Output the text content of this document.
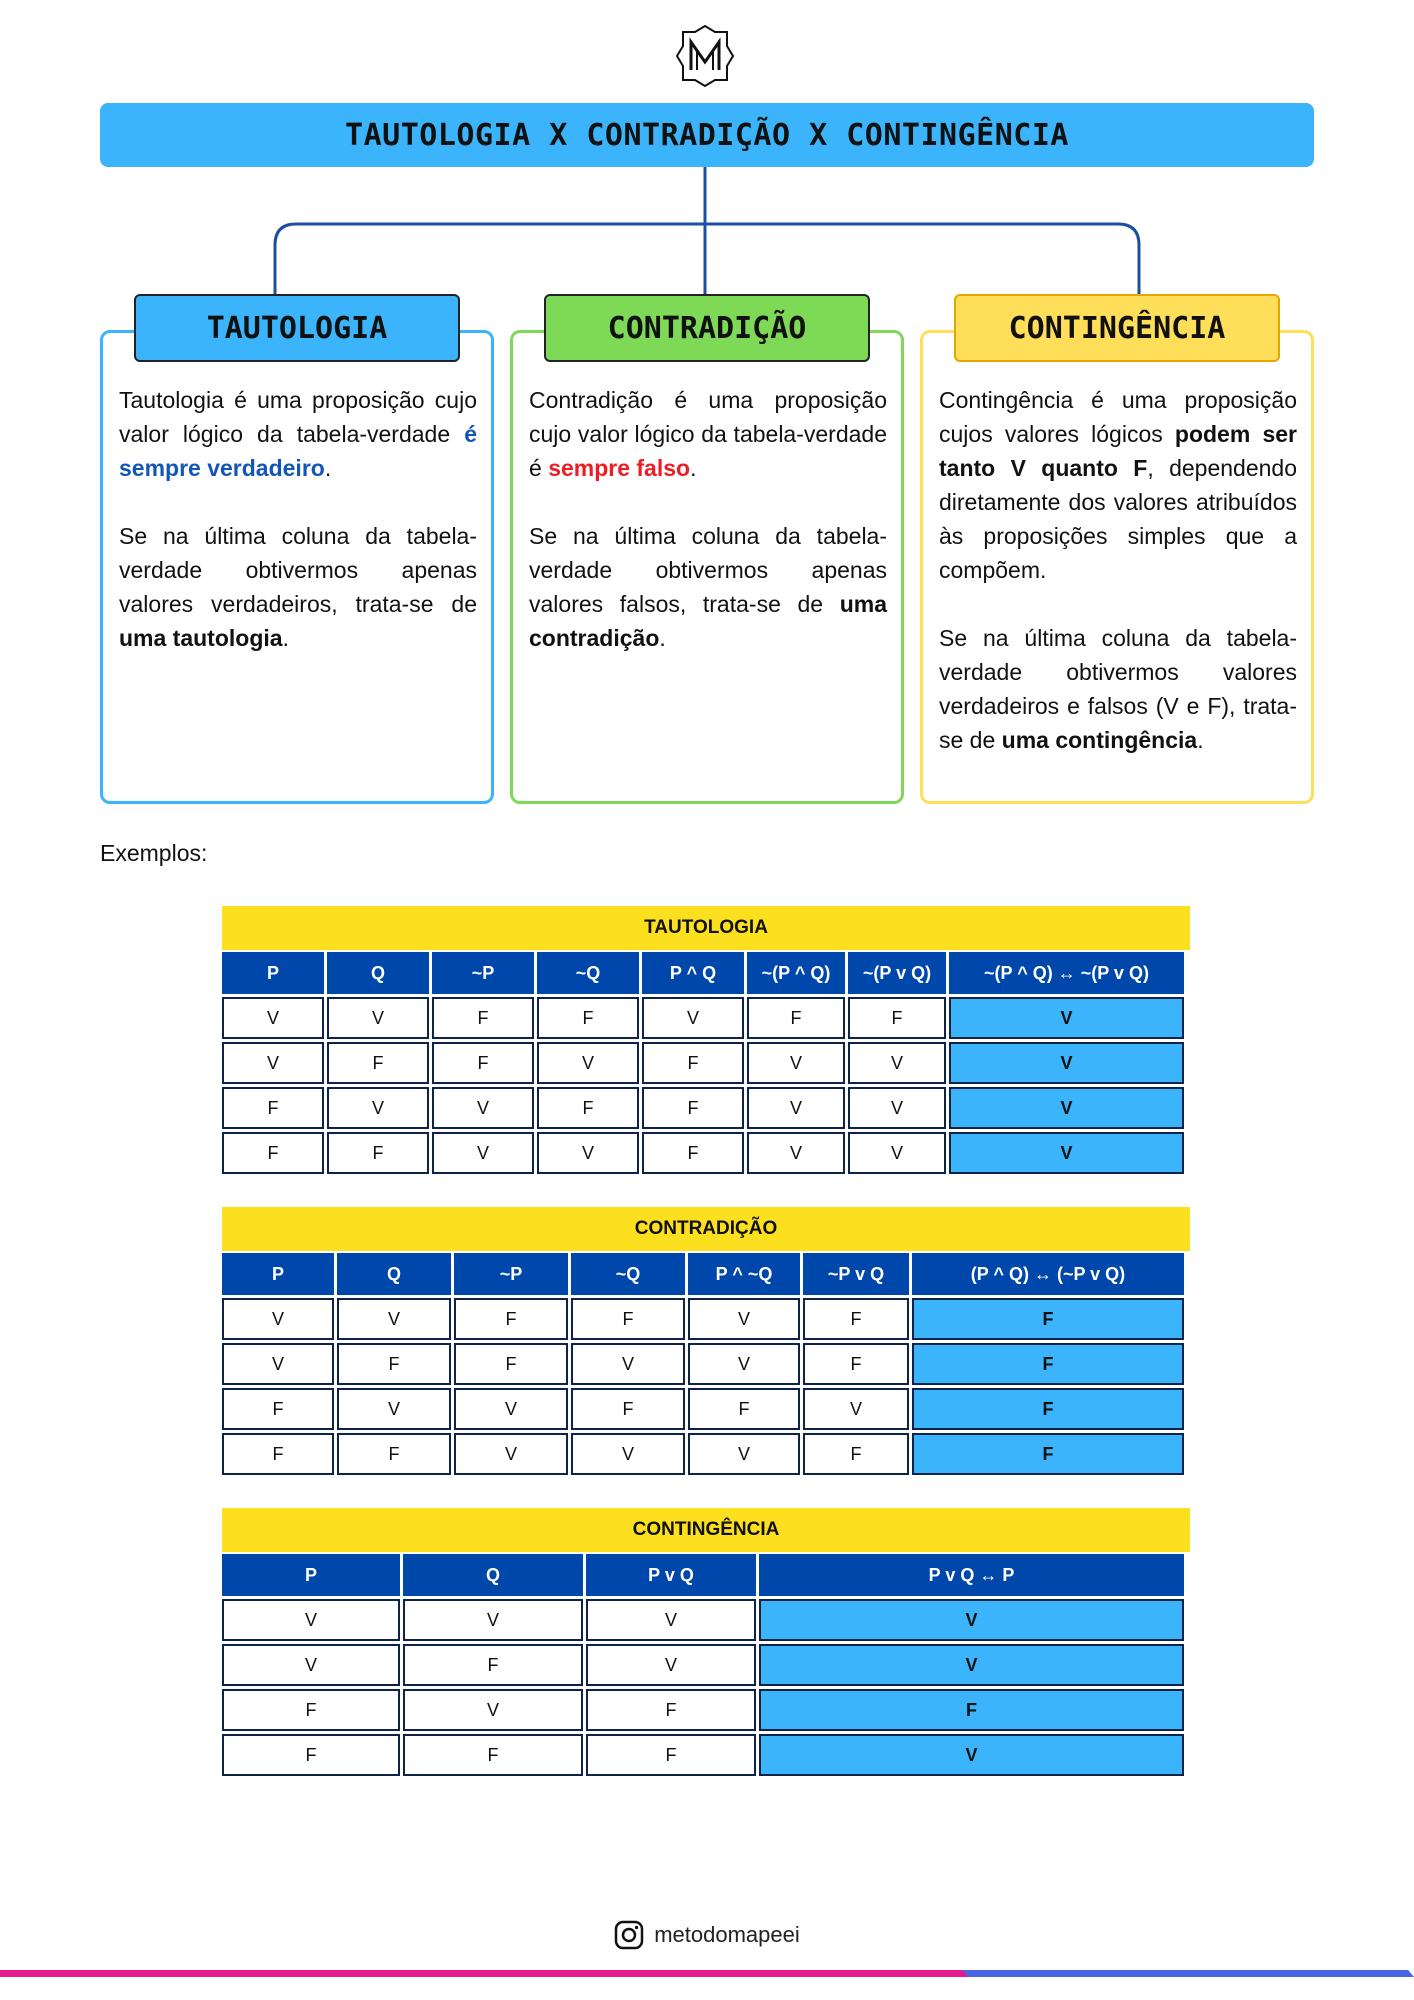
TAUTOLOGIA X CONTRADIÇÃO X CONTINGÊNCIA

Tautologia é uma proposição cujo valor lógico da tabela-verdade é sempre verdadeiro.

Se na última coluna da tabela-verdade obtivermos apenas valores verdadeiros, trata-se de uma tautologia.

TAUTOLOGIA

Contradição é uma proposição cujo valor lógico da tabela-verdade é sempre falso.

Se na última coluna da tabela-verdade obtivermos apenas valores falsos, trata-se de uma contradição.

CONTRADIÇÃO

Contingência é uma proposição cujos valores lógicos podem ser tanto V quanto F, dependendo diretamente dos valores atribuídos às proposições simples que a compõem.

Se na última coluna da tabela-verdade obtivermos valores verdadeiros e falsos (V e F), trata-se de uma contingência.

CONTINGÊNCIA
Exemplos:
TAUTOLOGIA
P	Q	~P	~Q	P ^ Q	~(P ^ Q)	~(P v Q)	~(P ^ Q) ↔ ~(P v Q)
V	V	F	F	V	F	F	V
V	F	F	V	F	V	V	V
F	V	V	F	F	V	V	V
F	F	V	V	F	V	V	V
CONTRADIÇÃO
P	Q	~P	~Q	P ^ ~Q	~P v Q	(P ^ Q) ↔ (~P v Q)
V	V	F	F	V	F	F
V	F	F	V	V	F	F
F	V	V	F	F	V	F
F	F	V	V	V	F	F
CONTINGÊNCIA
P	Q	P v Q	P v Q ↔ P
V	V	V	V
V	F	V	V
F	V	F	F
F	F	F	V
metodomapeei
